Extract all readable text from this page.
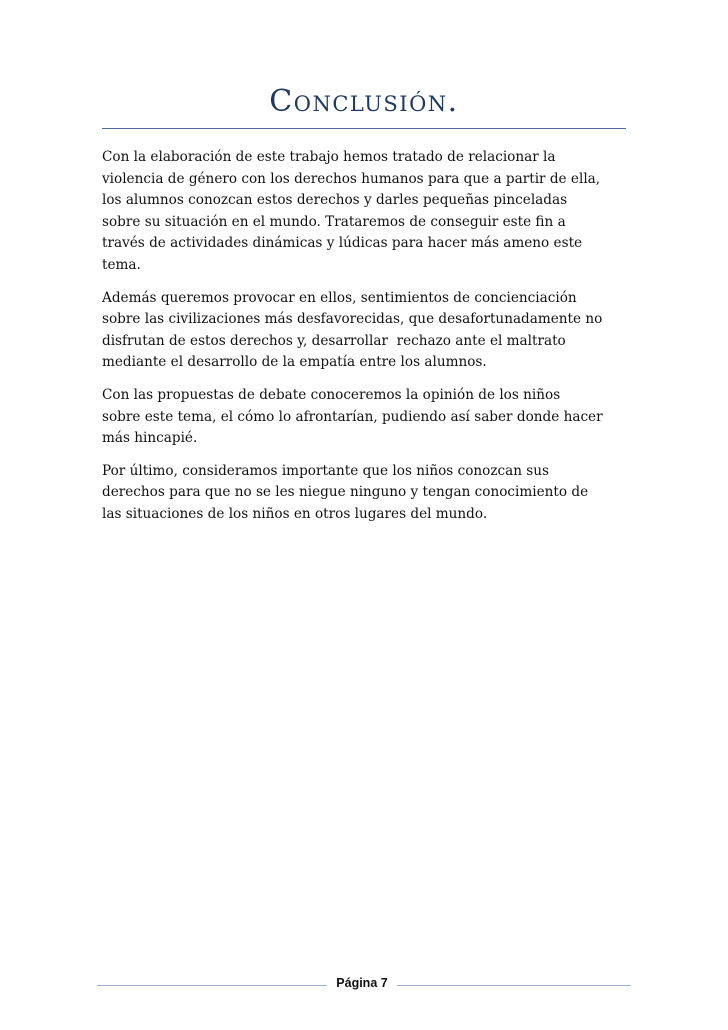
Conclusión.

Con la elaboración de este trabajo hemos tratado de relacionar la
violencia de género con los derechos humanos para que a partir de ella,
los alumnos conozcan estos derechos y darles pequeñas pinceladas
sobre su situación en el mundo. Trataremos de conseguir este fin a
través de actividades dinámicas y lúdicas para hacer más ameno este
tema.

Además queremos provocar en ellos, sentimientos de concienciación
sobre las civilizaciones más desfavorecidas, que desafortunadamente no
disfrutan de estos derechos y, desarrollar  rechazo ante el maltrato
mediante el desarrollo de la empatía entre los alumnos.

Con las propuestas de debate conoceremos la opinión de los niños
sobre este tema, el cómo lo afrontarían, pudiendo así saber donde hacer
más hincapié.

Por último, consideramos importante que los niños conozcan sus
derechos para que no se les niegue ninguno y tengan conocimiento de
las situaciones de los niños en otros lugares del mundo.

Página 7
